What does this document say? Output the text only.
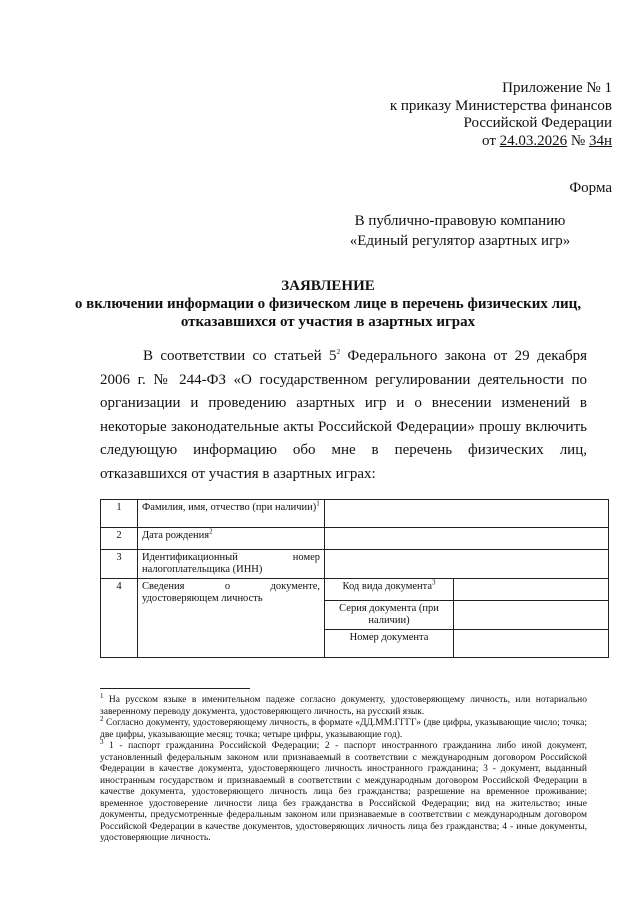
Приложение № 1
к приказу Министерства финансов
Российской Федерации
от 24.03.2026 № 34н
Форма
В публично-правовую компанию
«Единый регулятор азартных игр»
ЗАЯВЛЕНИЕ
о включении информации о физическом лице в перечень физических лиц, отказавшихся от участия в азартных играх

В соответствии со статьей $5^2$ Федерального закона от 29 декабря 2006 г. № 244-ФЗ «О государственном регулировании деятельности по организации и проведению азартных игр и о внесении изменений в некоторые законодательные акты Российской Федерации» прошу включить следующую информацию обо мне в перечень физических лиц, отказавшихся от участия в азартных играх:

1	Фамилия, имя, отчество (при наличии)$^1$	
2	Дата рождения$^2$	
3	Идентификационный номер налогоплательщика (ИНН)		
4	Сведения о документе, удостоверяющем личность	Код вида документа$^3$	
		Серия документа (при наличии)	
		Номер документа	

$^1$ На русском языке в именительном падеже согласно документу, удостоверяющему личность, или нотариально заверенному переводу документа, удостоверяющего личность, на русский язык.

$^2$ Согласно документу, удостоверяющему личность, в формате «ДД.ММ.ГГГГ» (две цифры, указывающие число; точка; две цифры, указывающие месяц; точка; четыре цифры, указывающие год).

$^3$ 1 - паспорт гражданина Российской Федерации; 2 - паспорт иностранного гражданина либо иной документ, установленный федеральным законом или признаваемый в соответствии с международным договором Российской Федерации в качестве документа, удостоверяющего личность иностранного гражданина; 3 - документ, выданный иностранным государством и признаваемый в соответствии с международным договором Российской Федерации в качестве документа, удостоверяющего личность лица без гражданства; разрешение на временное проживание; временное удостоверение личности лица без гражданства в Российской Федерации; вид на жительство; иные документы, предусмотренные федеральным законом или признаваемые в соответствии с международным договором Российской Федерации в качестве документов, удостоверяющих личность лица без гражданства; 4 - иные документы, удостоверяющие личность.
